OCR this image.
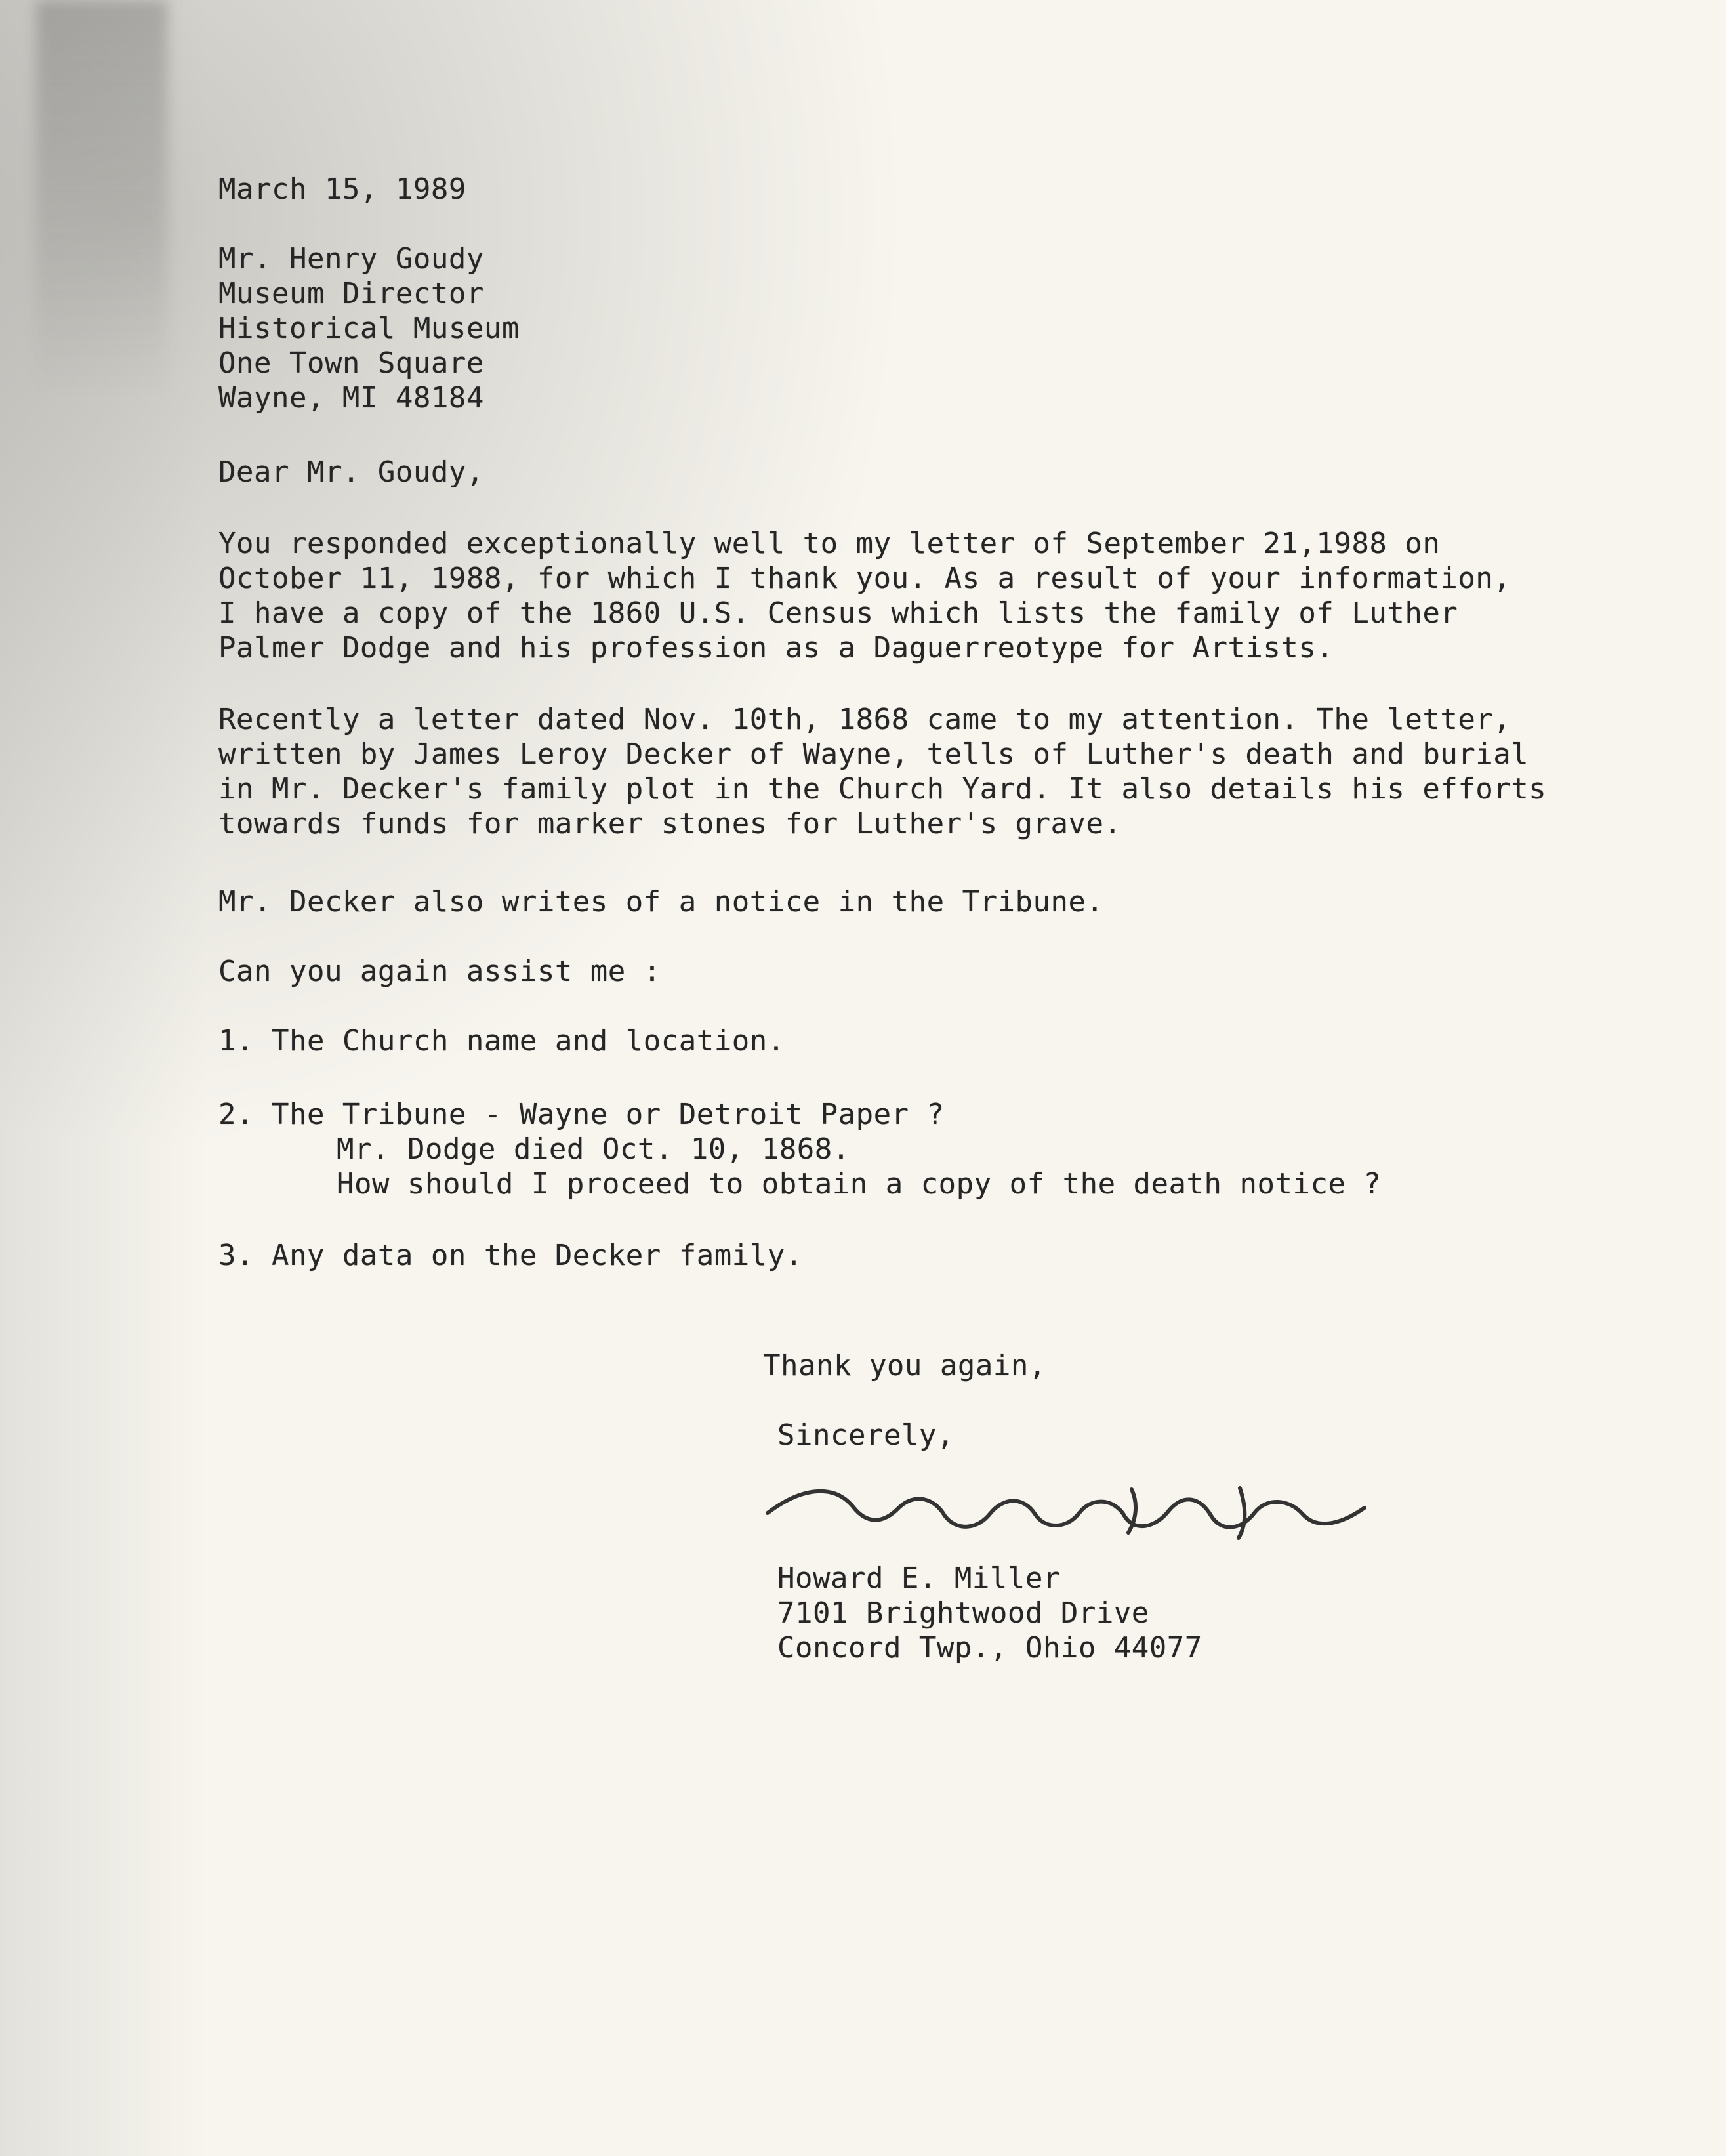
March 15, 1989
Mr. Henry Goudy
Museum Director
Historical Museum
One Town Square
Wayne, MI 48184
Dear Mr. Goudy,
You responded exceptionally well to my letter of September 21,1988 on
October 11, 1988, for which I thank you. As a result of your information,
I have a copy of the 1860 U.S. Census which lists the family of Luther
Palmer Dodge and his profession as a Daguerreotype for Artists.
Recently a letter dated Nov. 10th, 1868 came to my attention. The letter,
written by James Leroy Decker of Wayne, tells of Luther's death and burial
in Mr. Decker's family plot in the Church Yard. It also details his efforts
towards funds for marker stones for Luther's grave.
Mr. Decker also writes of a notice in the Tribune.
Can you again assist me :
1. The Church name and location.
2. The Tribune - Wayne or Detroit Paper ?
Mr. Dodge died Oct. 10, 1868.
How should I proceed to obtain a copy of the death notice ?
3. Any data on the Decker family.
Thank you again,
Sincerely,
Howard E. Miller
7101 Brightwood Drive
Concord Twp., Ohio 44077
